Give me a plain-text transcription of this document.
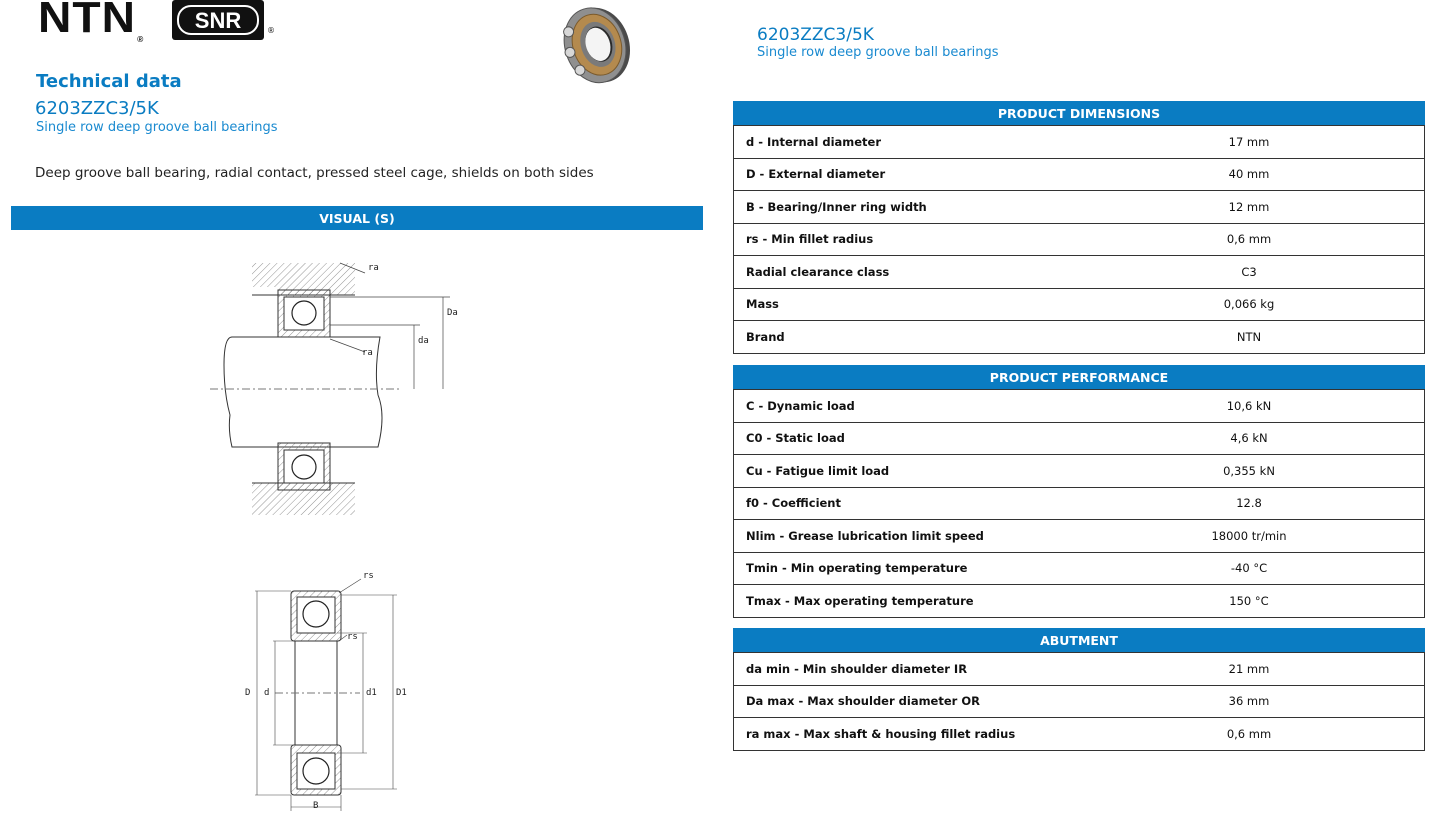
NTN®
SNR	®
Technical data
6203ZZC3/5K
Single row deep groove ball bearings
Deep groove ball bearing, radial contact, pressed steel cage, shields on both sides
6203ZZC3/5K
Single row deep groove ball bearings
VISUAL (S)
ra
Da
da
ra
rs
rs
D d	d1 D1
B
PRODUCT DIMENSIONS
d - Internal diameter	17 mm
D - External diameter	40 mm
B - Bearing/Inner ring width	12 mm
rs - Min fillet radius	0,6 mm
Radial clearance class	C3
Mass	0,066 kg
Brand	NTN
PRODUCT PERFORMANCE
C - Dynamic load	10,6 kN
C0 - Static load	4,6 kN
Cu - Fatigue limit load	0,355 kN
f0 - Coefficient	12.8
Nlim - Grease lubrication limit speed	18000 tr/min
Tmin - Min operating temperature	-40 °C
Tmax - Max operating temperature	150 °C
ABUTMENT
da min - Min shoulder diameter IR	21 mm
Da max - Max shoulder diameter OR	36 mm
ra max - Max shaft & housing fillet radius	0,6 mm
